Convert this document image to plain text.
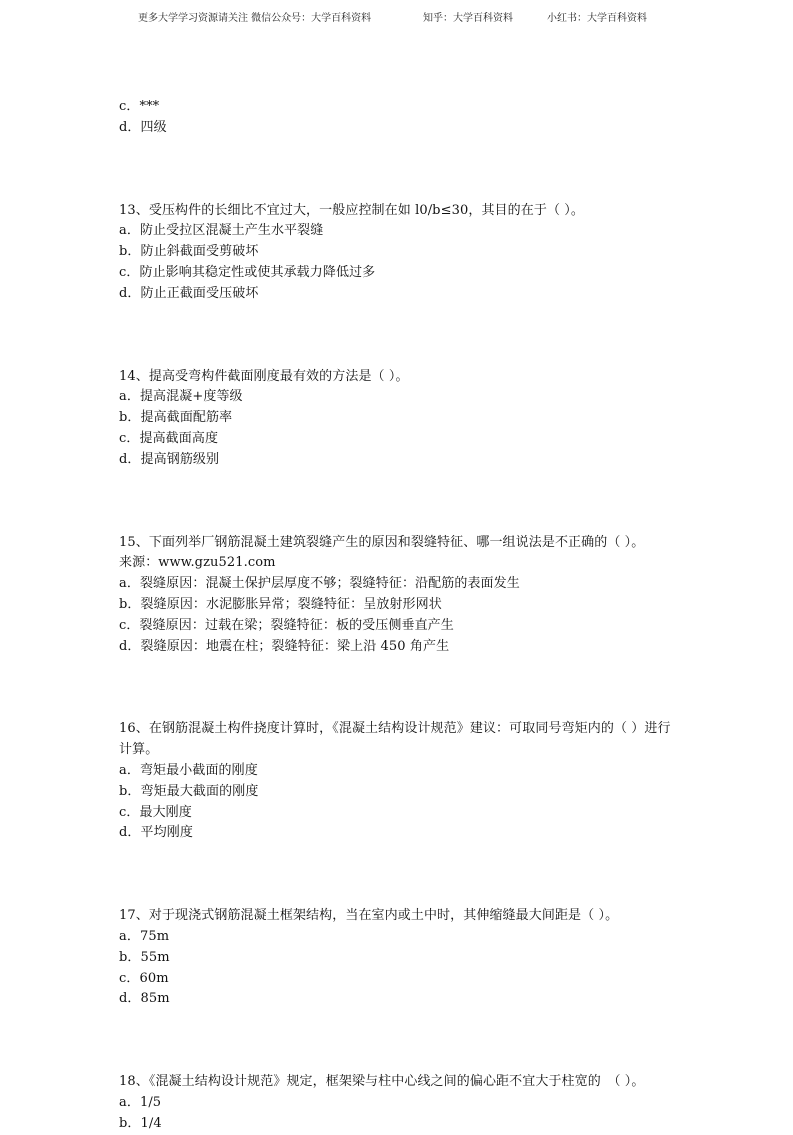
更多大学学习资源请关注 微信公众号：大学百科资料	知乎：大学百科资料	小红书：大学百科资料
c．***
d．四级
13、受压构件的长细比不宜过大，一般应控制在如 l0/b≤30，其目的在于（ ）。
a．防止受拉区混凝土产生水平裂缝
b．防止斜截面受剪破坏
c．防止影响其稳定性或使其承载力降低过多
d．防止正截面受压破坏
14、提高受弯构件截面刚度最有效的方法是（ ）。
a．提高混凝+度等级
b．提高截面配筋率
c．提高截面高度
d．提高钢筋级别
15、下面列举厂钢筋混凝土建筑裂缝产生的原因和裂缝特征、哪一组说法是不正确的（ ）。
来源：www.gzu521.com
a．裂缝原因：混凝土保护层厚度不够；裂缝特征：沿配筋的表面发生
b．裂缝原因：水泥膨胀异常；裂缝特征：呈放射形网状
c．裂缝原因：过载在梁；裂缝特征：板的受压侧垂直产生
d．裂缝原因：地震在柱；裂缝特征：梁上沿 450 角产生
16、在钢筋混凝土构件挠度计算时，《混凝土结构设计规范》建议：可取同号弯矩内的（ ）进行计算。
a．弯矩最小截面的刚度
b．弯矩最大截面的刚度
c．最大刚度
d．平均刚度
17、对于现浇式钢筋混凝土框架结构，当在室内或土中时，其伸缩缝最大间距是（ ）。
a．75m
b．55m
c．60m
d．85m
18、《混凝土结构设计规范》规定，框架梁与柱中心线之间的偏心距不宜大于柱宽的　（ ）。
a．1/5
b．1/4
